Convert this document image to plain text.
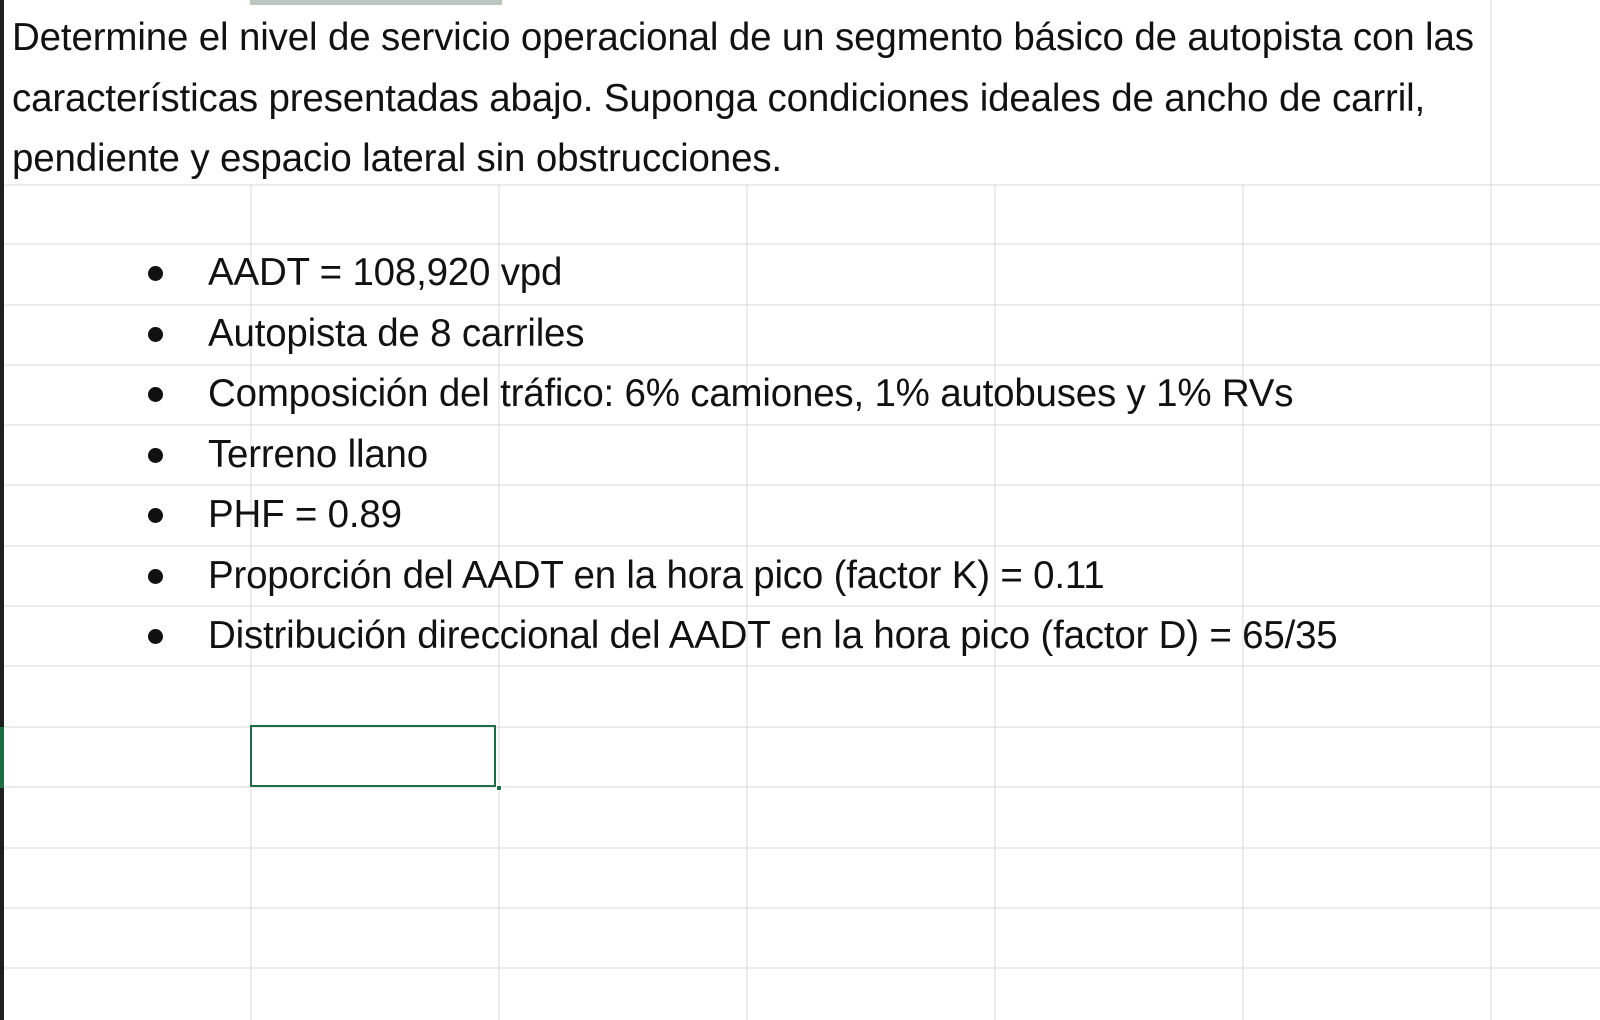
Determine el nivel de servicio operacional de un segmento básico de autopista con las características presentadas abajo. Suponga condiciones ideales de ancho de carril, pendiente y espacio lateral sin obstrucciones.
AADT = 108,920 vpd
Autopista de 8 carriles
Composición del tráfico: 6% camiones, 1% autobuses y 1% RVs
Terreno llano
PHF = 0.89
Proporción del AADT en la hora pico (factor K) = 0.11
Distribución direccional del AADT en la hora pico (factor D) = 65/35
